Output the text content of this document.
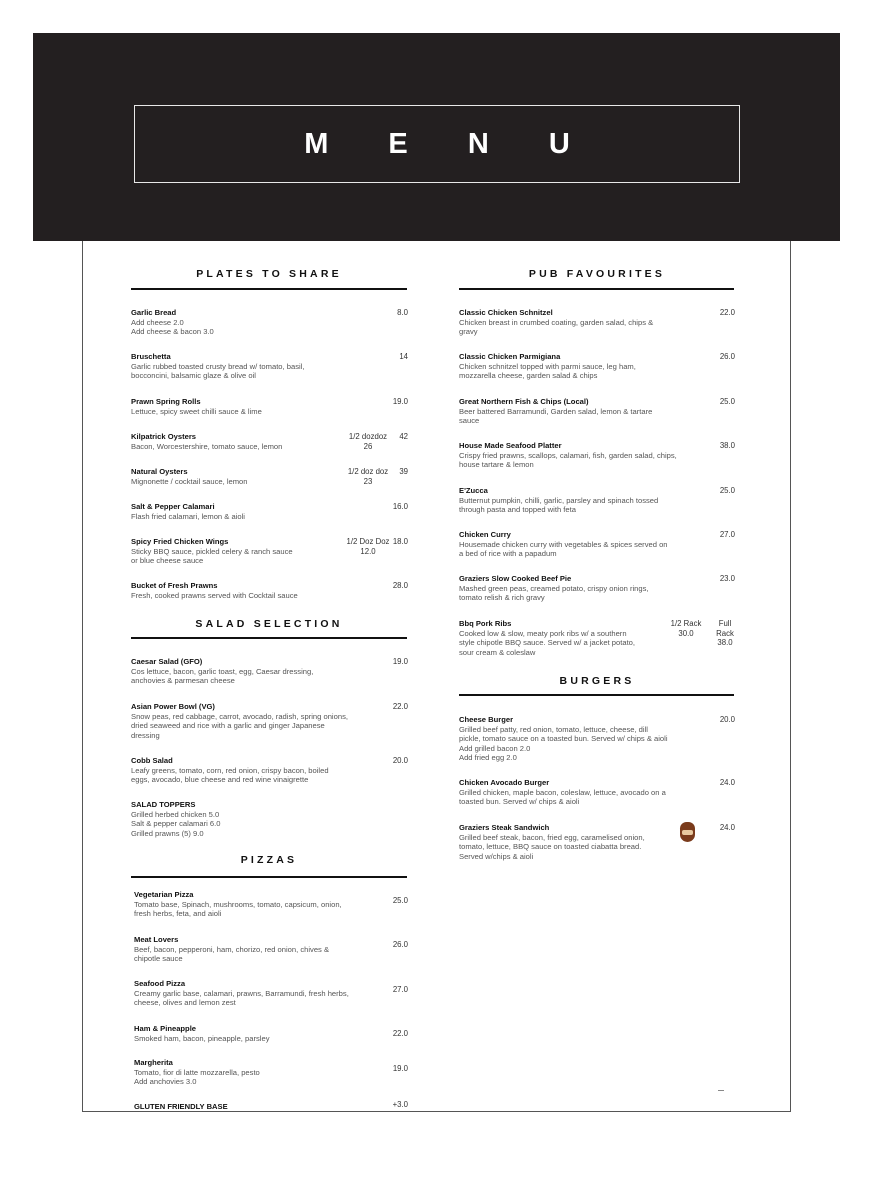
M E N U
PLATES TO SHARE
Garlic Bread
Add cheese 2.0
Add cheese & bacon 3.0
8.0
Bruschetta
Garlic rubbed toasted crusty bread w/ tomato, basil,
bocconcini, balsamic glaze & olive oil
14
Prawn Spring Rolls
Lettuce, spicy sweet chilli sauce & lime
19.0
Kilpatrick Oysters
Bacon, Worcestershire, tomato sauce, lemon
1/2 dozdoz
26
42
Natural Oysters
Mignonette / cocktail sauce, lemon
1/2 doz doz
23
39
Salt & Pepper Calamari
Flash fried calamari, lemon & aioli
16.0
Spicy Fried Chicken Wings
Sticky BBQ sauce, pickled celery & ranch sauce
or blue cheese sauce
1/2 Doz Doz
12.0
18.0
Bucket of Fresh Prawns
Fresh, cooked prawns served with Cocktail sauce
28.0
SALAD SELECTION
Caesar Salad (GFO)
Cos lettuce, bacon, garlic toast, egg, Caesar dressing,
anchovies & parmesan cheese
19.0
Asian Power Bowl (VG)
Snow peas, red cabbage, carrot, avocado, radish, spring onions,
dried seaweed and rice with a garlic and ginger Japanese
dressing
22.0
Cobb Salad
Leafy greens, tomato, corn, red onion, crispy bacon, boiled
eggs, avocado, blue cheese and red wine vinaigrette
20.0
SALAD TOPPERS
Grilled herbed chicken 5.0
Salt & pepper calamari 6.0
Grilled prawns (5) 9.0
PIZZAS
Vegetarian Pizza
Tomato base, Spinach, mushrooms, tomato, capsicum, onion,
fresh herbs, feta, and aioli
25.0
Meat Lovers
Beef, bacon, pepperoni, ham, chorizo, red onion, chives &
chipotle sauce
26.0
Seafood Pizza
Creamy garlic base, calamari, prawns, Barramundi, fresh herbs,
cheese, olives and lemon zest
27.0
Ham & Pineapple
Smoked ham, bacon, pineapple, parsley
22.0
Margherita
Tomato, fior di latte mozzarella, pesto
Add anchovies 3.0
19.0
GLUTEN FRIENDLY BASE	+3.0
PUB FAVOURITES
Classic Chicken Schnitzel
Chicken breast in crumbed coating, garden salad, chips &
gravy
22.0
Classic Chicken Parmigiana
Chicken schnitzel topped with parmi sauce, leg ham,
mozzarella cheese, garden salad & chips
26.0
Great Northern Fish & Chips (Local)
Beer battered Barramundi, Garden salad, lemon & tartare
sauce
25.0
House Made Seafood Platter
Crispy fried prawns, scallops, calamari, fish, garden salad, chips,
house tartare & lemon
38.0
E'Zucca
Butternut pumpkin, chilli, garlic, parsley and spinach tossed
through pasta and topped with feta
25.0
Chicken Curry
Housemade chicken curry with vegetables & spices served on
a bed of rice with a papadum
27.0
Graziers Slow Cooked Beef Pie
Mashed green peas, creamed potato, crispy onion rings,
tomato relish & rich gravy
23.0
Bbq Pork Ribs
Cooked low & slow, meaty pork ribs w/ a southern
style chipotle BBQ sauce. Served w/ a jacket potato,
sour cream & coleslaw
1/2 Rack
30.0
Full
Rack
38.0
BURGERS
Cheese Burger
Grilled beef patty, red onion, tomato, lettuce, cheese, dill
pickle, tomato sauce on a toasted bun. Served w/ chips & aioli
Add grilled bacon 2.0
Add fried egg 2.0
20.0
Chicken Avocado Burger
Grilled chicken, maple bacon, coleslaw, lettuce, avocado on a
toasted bun. Served w/ chips & aioli
24.0
Graziers Steak Sandwich
Grilled beef steak, bacon, fried egg, caramelised onion,
tomato, lettuce, BBQ sauce on toasted ciabatta bread.
Served w/chips & aioli
24.0
